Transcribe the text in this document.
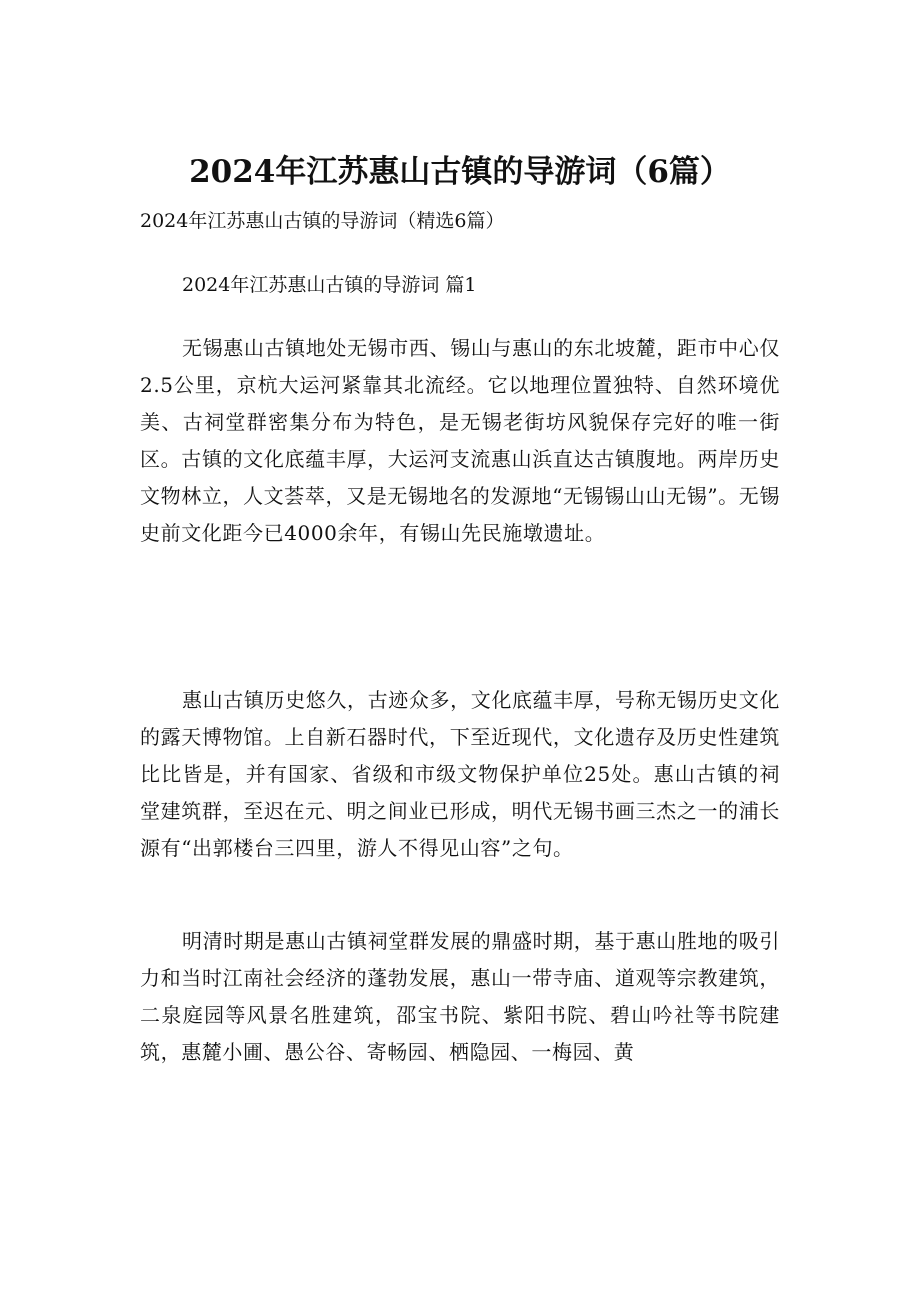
2024年江苏惠山古镇的导游词（6篇）

2024年江苏惠山古镇的导游词（精选6篇）

2024年江苏惠山古镇的导游词 篇1

无锡惠山古镇地处无锡市西、锡山与惠山的东北坡麓，距市中心仅2.5公里，京杭大运河紧靠其北流经。它以地理位置独特、自然环境优美、古祠堂群密集分布为特色，是无锡老街坊风貌保存完好的唯一街区。古镇的文化底蕴丰厚，大运河支流惠山浜直达古镇腹地。两岸历史文物林立，人文荟萃，又是无锡地名的发源地“无锡锡山山无锡”。无锡史前文化距今已4000余年，有锡山先民施墩遗址。

惠山古镇历史悠久，古迹众多，文化底蕴丰厚，号称无锡历史文化的露天博物馆。上自新石器时代，下至近现代，文化遗存及历史性建筑比比皆是，并有国家、省级和市级文物保护单位25处。惠山古镇的祠堂建筑群，至迟在元、明之间业已形成，明代无锡书画三杰之一的浦长源有“出郭楼台三四里，游人不得见山容”之句。

明清时期是惠山古镇祠堂群发展的鼎盛时期，基于惠山胜地的吸引力和当时江南社会经济的蓬勃发展，惠山一带寺庙、道观等宗教建筑，二泉庭园等风景名胜建筑，邵宝书院、紫阳书院、碧山吟社等书院建筑，惠麓小圃、愚公谷、寄畅园、栖隐园、一梅园、黄
